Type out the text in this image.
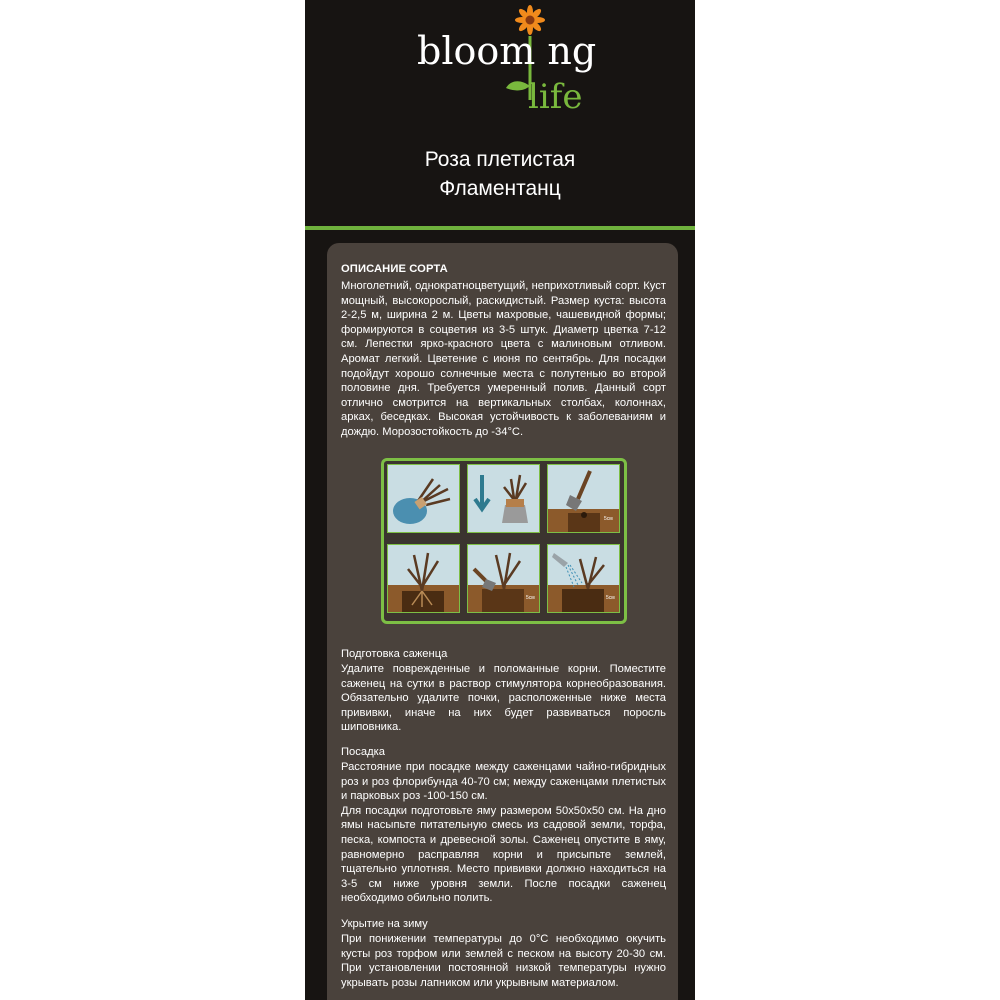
bloom ng
life
Роза плетистая
Фламентанц
ОПИСАНИЕ СОРТА
Многолетний, однократноцветущий, неприхотливый сорт. Куст мощный, высокорослый, раскидистый. Размер куста: высота 2-2,5 м, ширина 2 м. Цветы махровые, чашевидной формы; формируются в соцветия из 3-5 штук. Диаметр цветка 7-12 см. Лепестки ярко-красного цвета с малиновым отливом. Аромат легкий. Цветение с июня по сентябрь. Для посадки подойдут хорошо солнечные места с полутенью во второй половине дня. Требуется умеренный полив. Данный сорт отлично смотрится на вертикальных столбах, колоннах, арках, беседках. Высокая устойчивость к заболеваниям и дождю. Морозостойкость до -34°С.
5см
5см	5см
Подготовка саженца
Удалите поврежденные и поломанные корни. Поместите саженец на сутки в раствор стимулятора корнеобразования. Обязательно удалите почки, расположенные ниже места прививки, иначе на них будет развиваться поросль шиповника.
Посадка
Расстояние при посадке между саженцами чайно-гибридных роз и роз флорибунда 40-70 см; между саженцами плетистых и парковых роз -100-150 см.
Для посадки подготовьте яму размером 50х50х50 см. На дно ямы насыпьте питательную смесь из садовой земли, торфа, песка, компоста и древесной золы. Саженец опустите в яму, равномерно расправляя корни и присыпьте землей, тщательно уплотняя. Место прививки должно находиться на 3-5 см ниже уровня земли. После посадки саженец необходимо обильно полить.
Укрытие на зиму
При понижении температуры до 0°С необходимо окучить кусты роз торфом или землей с песком на высоту 20-30 см. При установлении постоянной низкой температуры нужно укрывать розы лапником или укрывным материалом.
